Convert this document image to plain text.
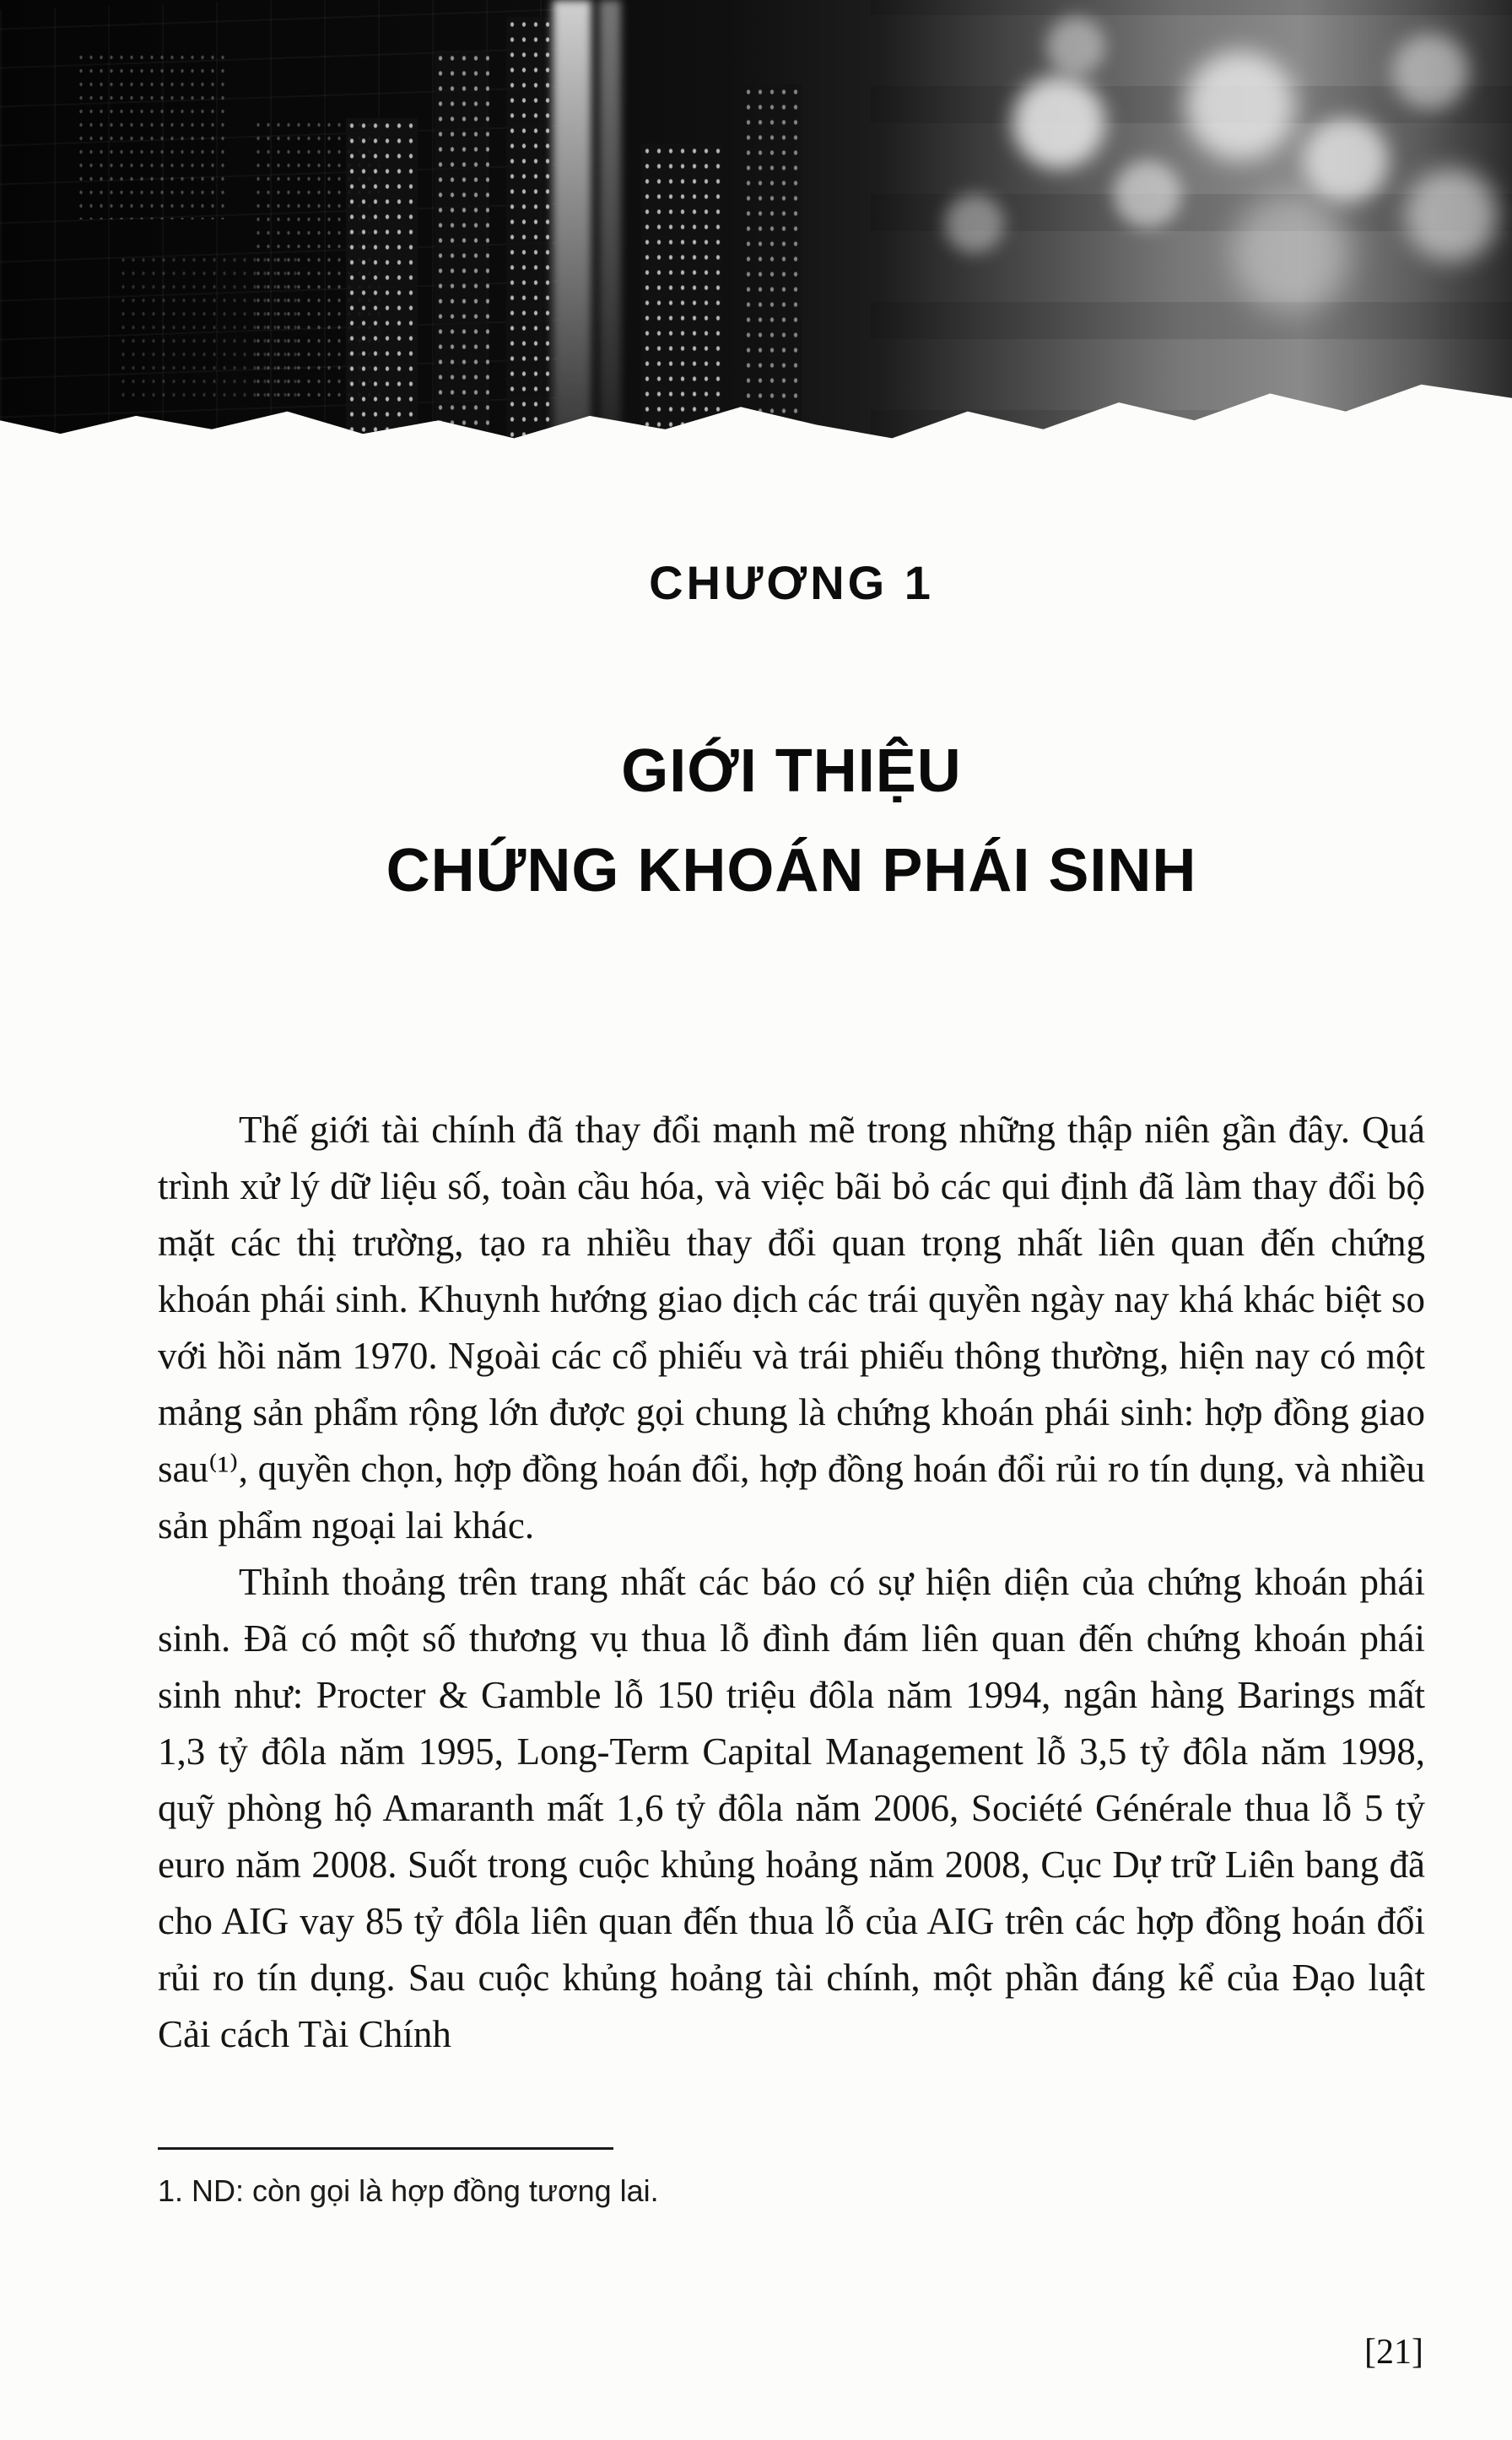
CHƯƠNG 1
GIỚI THIỆU
CHỨNG KHOÁN PHÁI SINH

Thế giới tài chính đã thay đổi mạnh mẽ trong những thập niên gần đây. Quá trình xử lý dữ liệu số, toàn cầu hóa, và việc bãi bỏ các qui định đã làm thay đổi bộ mặt các thị trường, tạo ra nhiều thay đổi quan trọng nhất liên quan đến chứng khoán phái sinh. Khuynh hướng giao dịch các trái quyền ngày nay khá khác biệt so với hồi năm 1970. Ngoài các cổ phiếu và trái phiếu thông thường, hiện nay có một mảng sản phẩm rộng lớn được gọi chung là chứng khoán phái sinh: hợp đồng giao sau⁽¹⁾, quyền chọn, hợp đồng hoán đổi, hợp đồng hoán đổi rủi ro tín dụng, và nhiều sản phẩm ngoại lai khác.

Thỉnh thoảng trên trang nhất các báo có sự hiện diện của chứng khoán phái sinh. Đã có một số thương vụ thua lỗ đình đám liên quan đến chứng khoán phái sinh như: Procter & Gamble lỗ 150 triệu đôla năm 1994, ngân hàng Barings mất 1,3 tỷ đôla năm 1995, Long-Term Capital Management lỗ 3,5 tỷ đôla năm 1998, quỹ phòng hộ Amaranth mất 1,6 tỷ đôla năm 2006, Société Générale thua lỗ 5 tỷ euro năm 2008. Suốt trong cuộc khủng hoảng năm 2008, Cục Dự trữ Liên bang đã cho AIG vay 85 tỷ đôla liên quan đến thua lỗ của AIG trên các hợp đồng hoán đổi rủi ro tín dụng. Sau cuộc khủng hoảng tài chính, một phần đáng kể của Đạo luật Cải cách Tài Chính

1. ND: còn gọi là hợp đồng tương lai.

[21]
